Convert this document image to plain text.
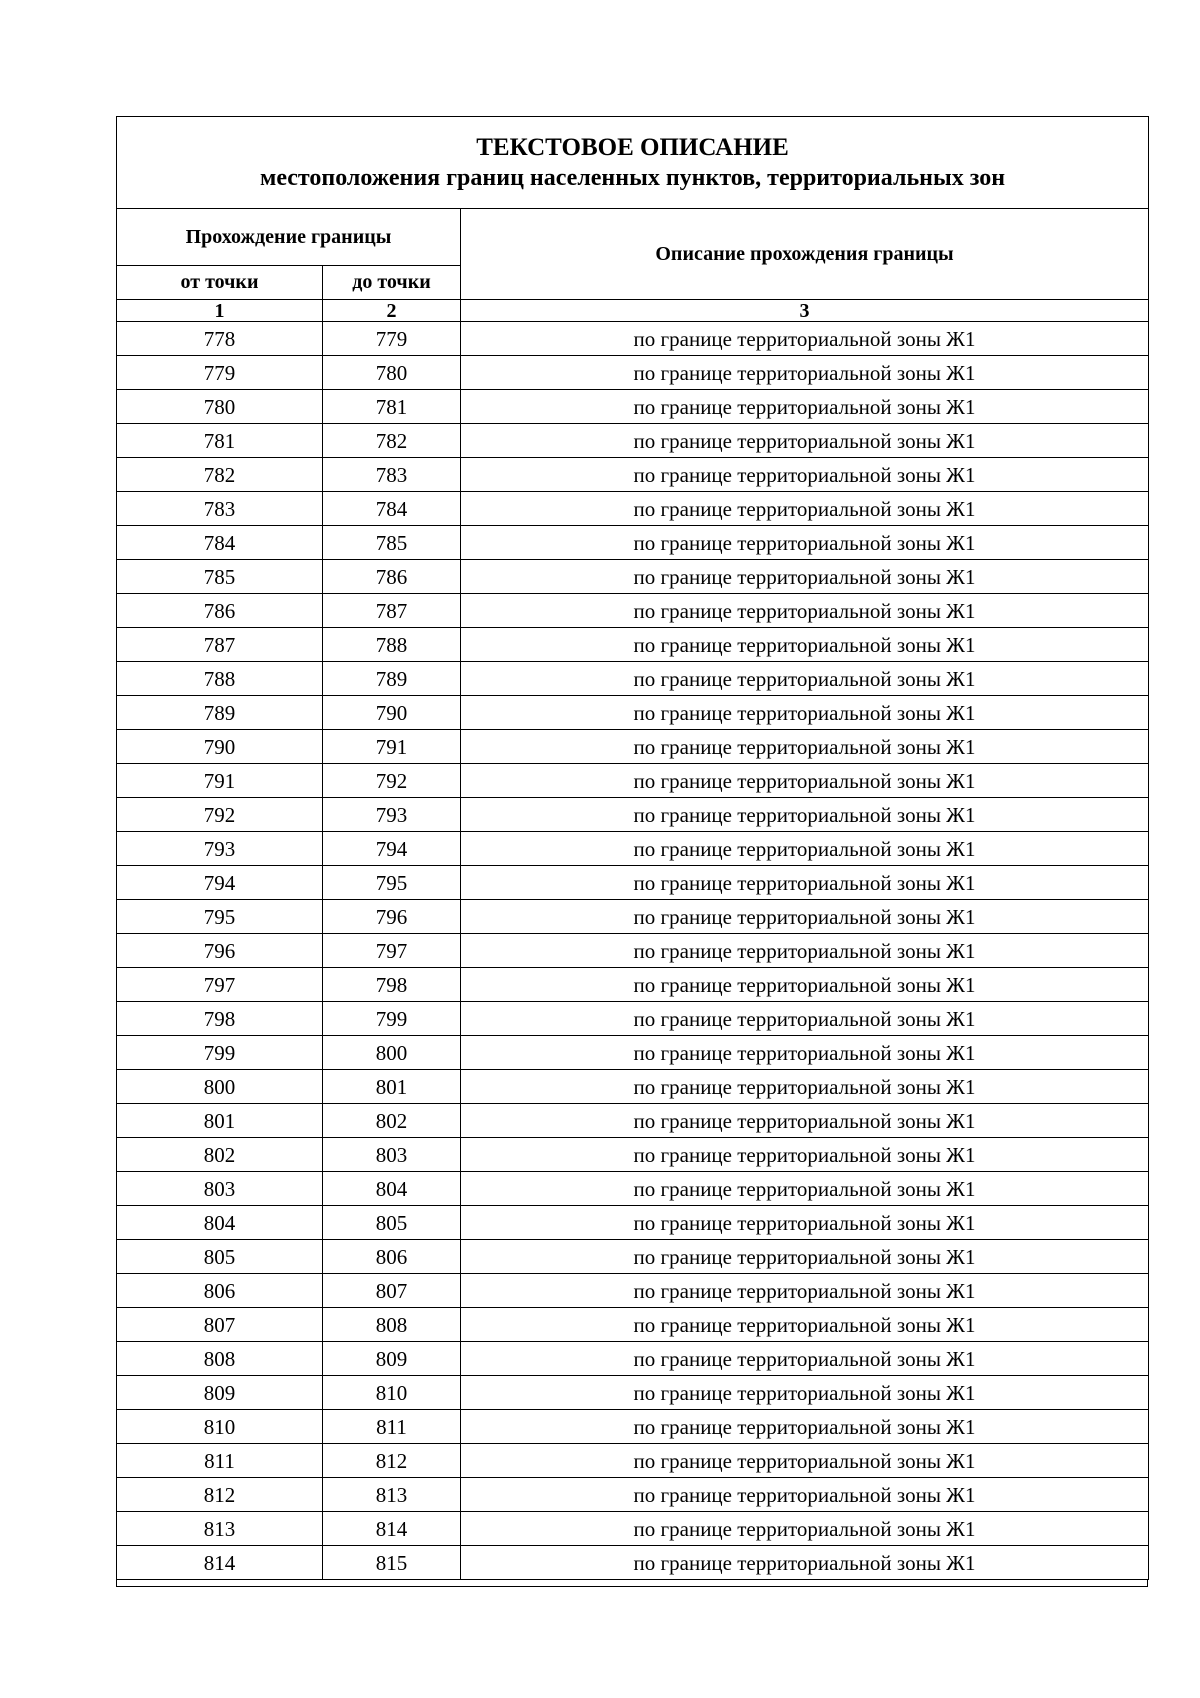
ТЕКСТОВОЕ ОПИСАНИЕ
местоположения границ населенных пунктов, территориальных зон		

Прохождение границы		Описание прохождения границы
от точки	до точки	
1	2	3
778	779	по границе территориальной зоны Ж1
779	780	по границе территориальной зоны Ж1
780	781	по границе территориальной зоны Ж1
781	782	по границе территориальной зоны Ж1
782	783	по границе территориальной зоны Ж1
783	784	по границе территориальной зоны Ж1
784	785	по границе территориальной зоны Ж1
785	786	по границе территориальной зоны Ж1
786	787	по границе территориальной зоны Ж1
787	788	по границе территориальной зоны Ж1
788	789	по границе территориальной зоны Ж1
789	790	по границе территориальной зоны Ж1
790	791	по границе территориальной зоны Ж1
791	792	по границе территориальной зоны Ж1
792	793	по границе территориальной зоны Ж1
793	794	по границе территориальной зоны Ж1
794	795	по границе территориальной зоны Ж1
795	796	по границе территориальной зоны Ж1
796	797	по границе территориальной зоны Ж1
797	798	по границе территориальной зоны Ж1
798	799	по границе территориальной зоны Ж1
799	800	по границе территориальной зоны Ж1
800	801	по границе территориальной зоны Ж1
801	802	по границе территориальной зоны Ж1
802	803	по границе территориальной зоны Ж1
803	804	по границе территориальной зоны Ж1
804	805	по границе территориальной зоны Ж1
805	806	по границе территориальной зоны Ж1
806	807	по границе территориальной зоны Ж1
807	808	по границе территориальной зоны Ж1
808	809	по границе территориальной зоны Ж1
809	810	по границе территориальной зоны Ж1
810	811	по границе территориальной зоны Ж1
811	812	по границе территориальной зоны Ж1
812	813	по границе территориальной зоны Ж1
813	814	по границе территориальной зоны Ж1
814	815	по границе территориальной зоны Ж1
